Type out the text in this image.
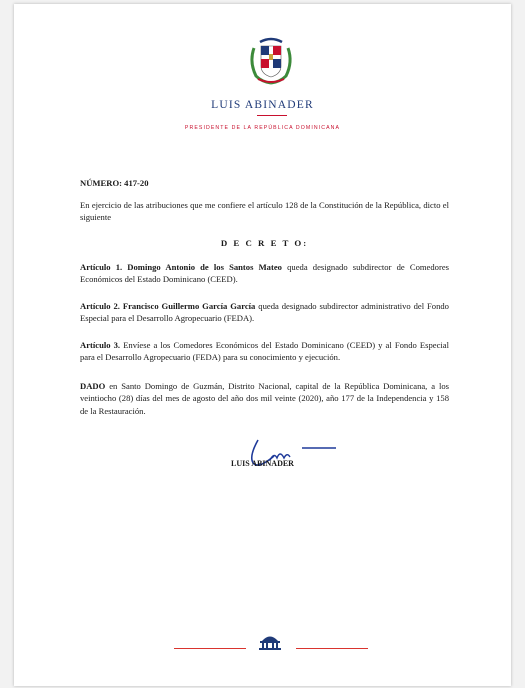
LUIS ABINADER
PRESIDENTE DE LA REPÚBLICA DOMINICANA
NÚMERO: 417-20
En ejercicio de las atribuciones que me confiere el artículo 128 de la Constitución de la República, dicto el siguiente
D E C R E T O:
Artículo 1. Domingo Antonio de los Santos Mateo queda designado subdirector de Comedores Económicos del Estado Dominicano (CEED).
Artículo 2. Francisco Guillermo García García queda designado subdirector administrativo del Fondo Especial para el Desarrollo Agropecuario (FEDA).
Artículo 3. Envíese a los Comedores Económicos del Estado Dominicano (CEED) y al Fondo Especial para el Desarrollo Agropecuario (FEDA) para su conocimiento y ejecución.
DADO en Santo Domingo de Guzmán, Distrito Nacional, capital de la República Dominicana, a los veintiocho (28) días del mes de agosto del año dos mil veinte (2020), año 177 de la Independencia y 158 de la Restauración.
LUIS ABINADER
